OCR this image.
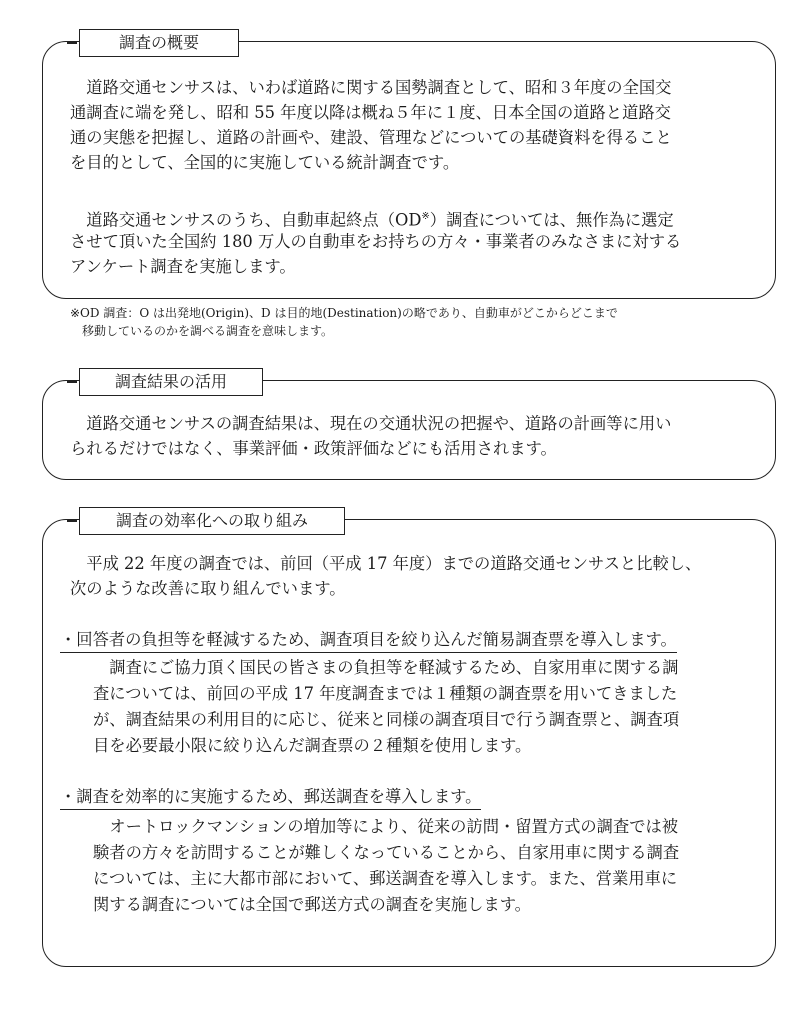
調査の概要
　道路交通センサスは、いわば道路に関する国勢調査として、昭和３年度の全国交
通調査に端を発し、昭和 55 年度以降は概ね５年に１度、日本全国の道路と道路交
通の実態を把握し、道路の計画や、建設、管理などについての基礎資料を得ること
を目的として、全国的に実施している統計調査です。
　道路交通センサスのうち、自動車起終点（OD※）調査については、無作為に選定
させて頂いた全国約 180 万人の自動車をお持ちの方々・事業者のみなさまに対する
アンケート調査を実施します。
※OD 調査：O は出発地(Origin)、D は目的地(Destination)の略であり、自動車がどこからどこまで
　移動しているのかを調べる調査を意味します。
調査結果の活用
　道路交通センサスの調査結果は、現在の交通状況の把握や、道路の計画等に用い
られるだけではなく、事業評価・政策評価などにも活用されます。
調査の効率化への取り組み
　平成 22 年度の調査では、前回（平成 17 年度）までの道路交通センサスと比較し、
次のような改善に取り組んでいます。
・回答者の負担等を軽減するため、調査項目を絞り込んだ簡易調査票を導入します。
　調査にご協力頂く国民の皆さまの負担等を軽減するため、自家用車に関する調
査については、前回の平成 17 年度調査までは１種類の調査票を用いてきました
が、調査結果の利用目的に応じ、従来と同様の調査項目で行う調査票と、調査項
目を必要最小限に絞り込んだ調査票の２種類を使用します。
・調査を効率的に実施するため、郵送調査を導入します。
　オートロックマンションの増加等により、従来の訪問・留置方式の調査では被
験者の方々を訪問することが難しくなっていることから、自家用車に関する調査
については、主に大都市部において、郵送調査を導入します。また、営業用車に
関する調査については全国で郵送方式の調査を実施します。
